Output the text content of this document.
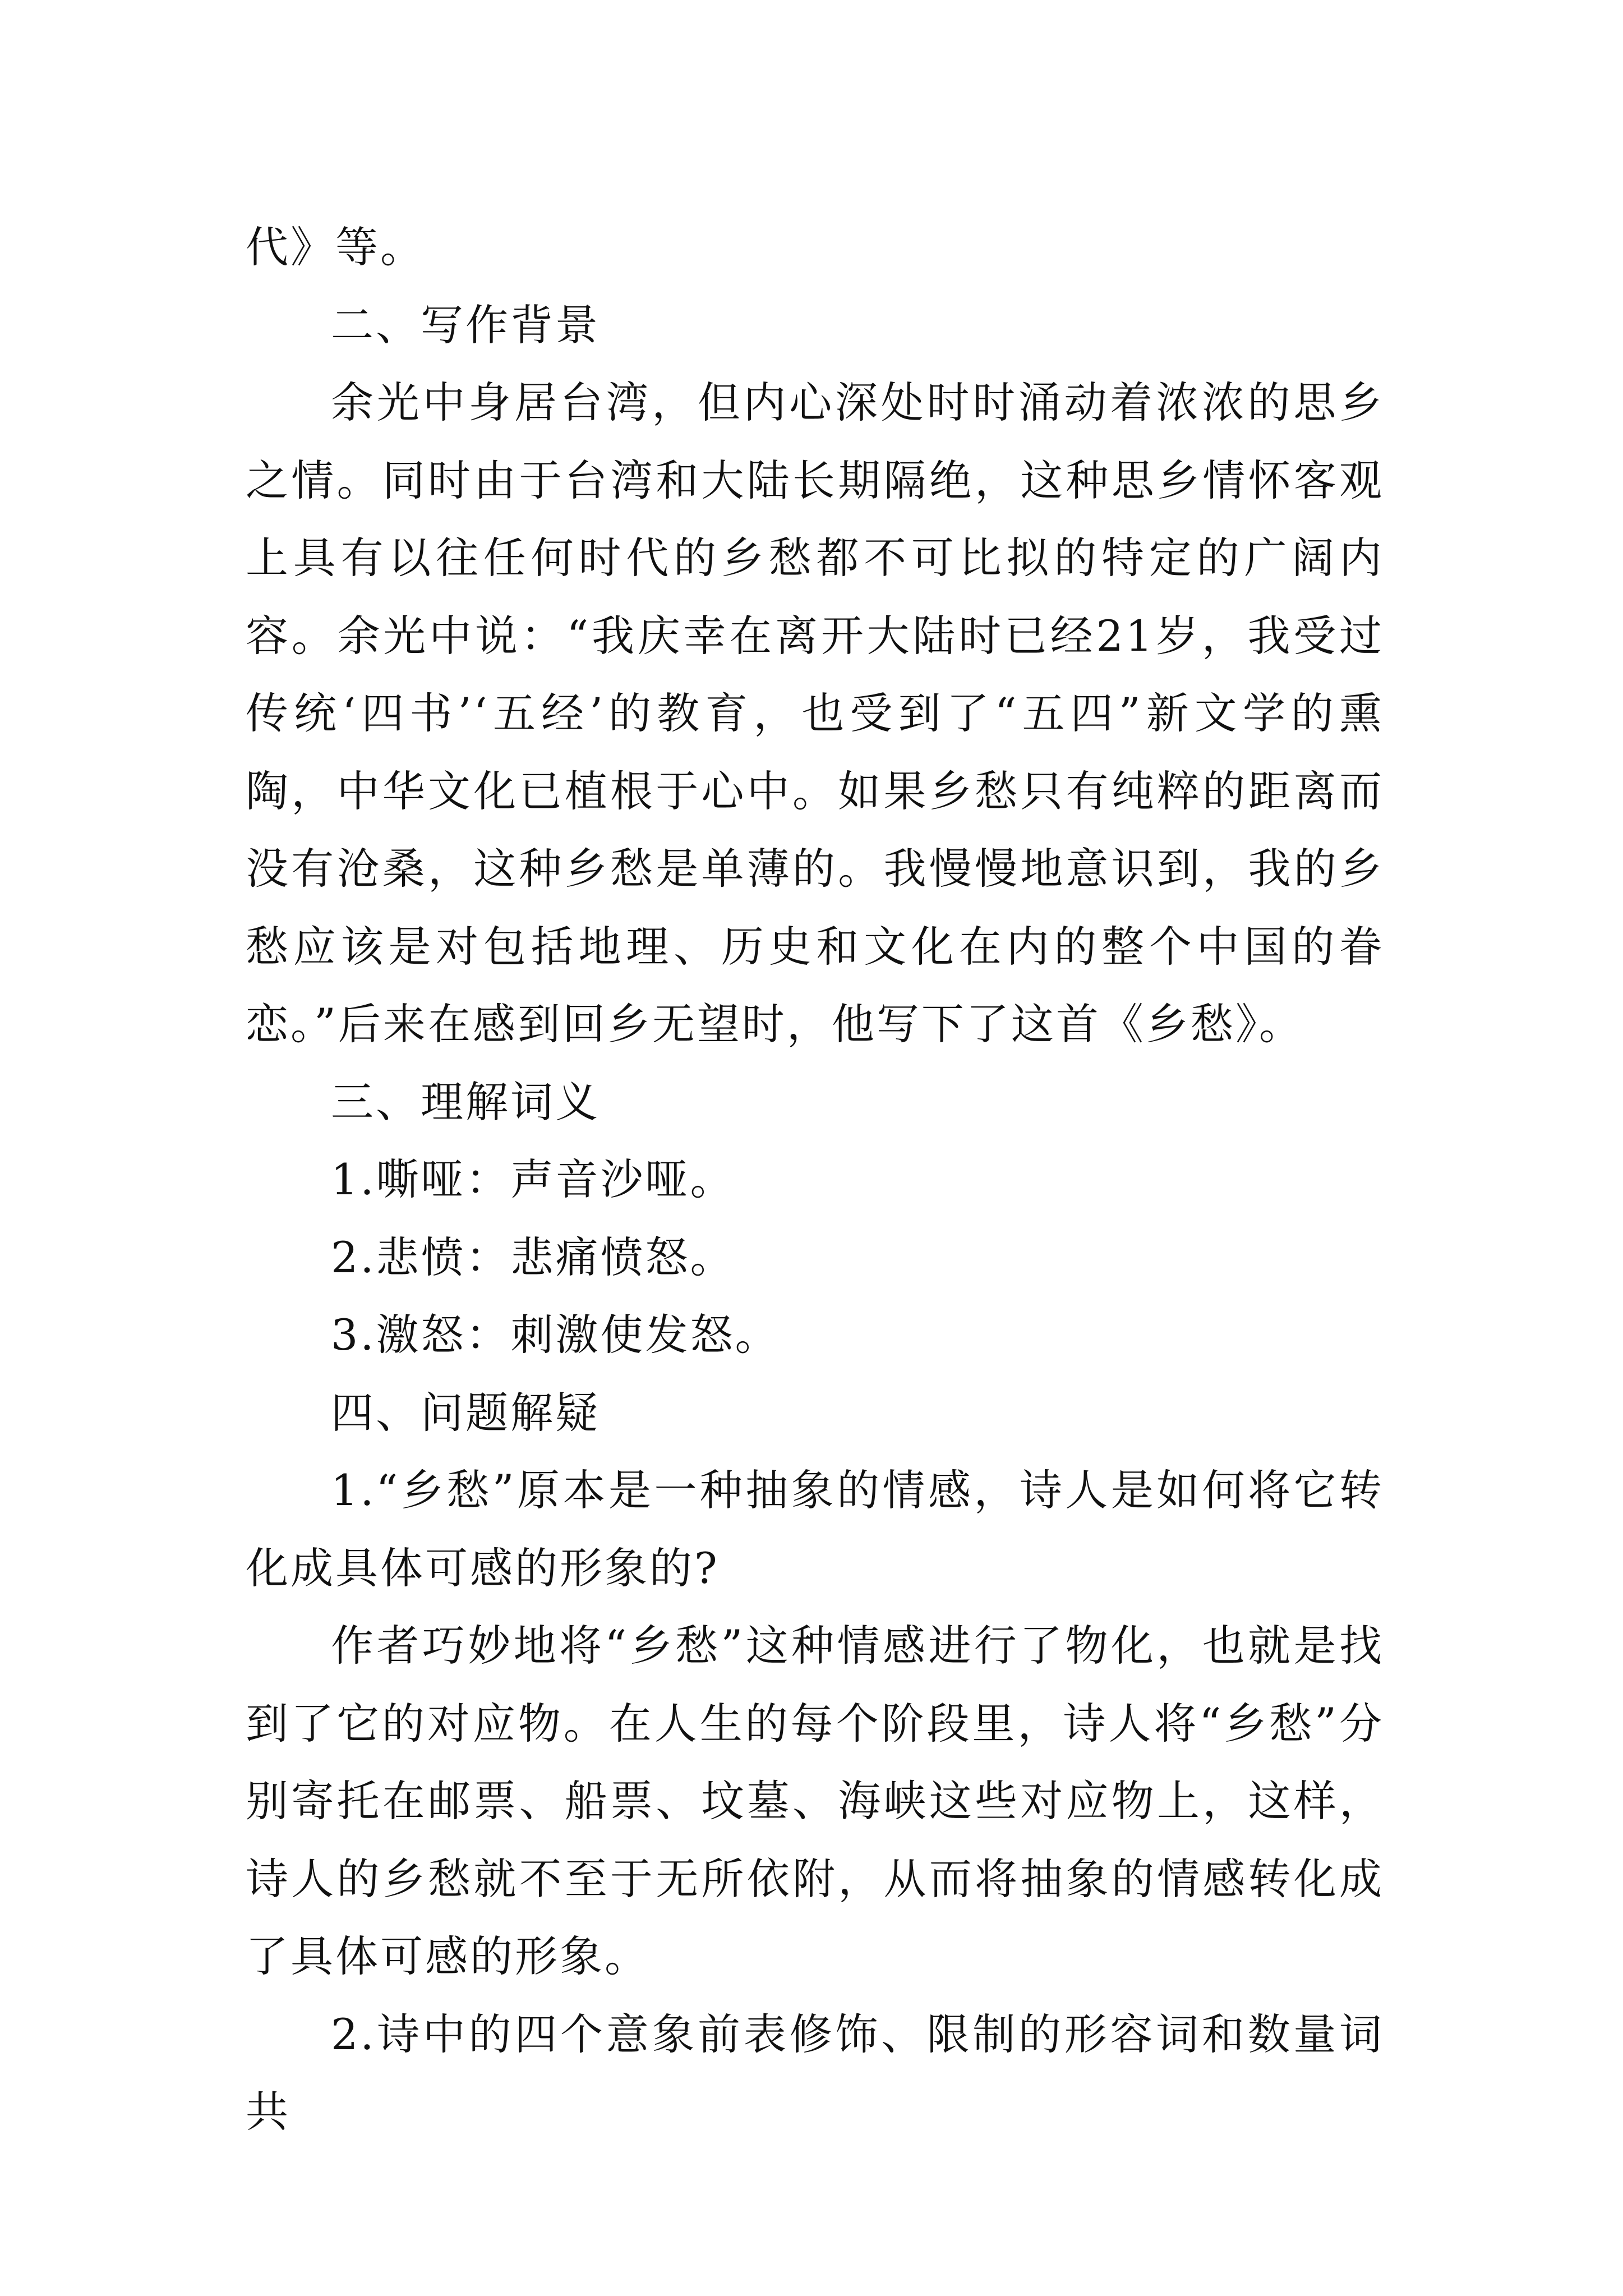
代》等。

二、写作背景

余光中身居台湾，但内心深处时时涌动着浓浓的思乡之情。同时由于台湾和大陆长期隔绝，这种思乡情怀客观上具有以往任何时代的乡愁都不可比拟的特定的广阔内容。余光中说：“我庆幸在离开大陆时已经21岁，我受过传统‘四书’‘五经’的教育，也受到了“五四”新文学的熏陶，中华文化已植根于心中。如果乡愁只有纯粹的距离而没有沧桑，这种乡愁是单薄的。我慢慢地意识到，我的乡愁应该是对包括地理、历史和文化在内的整个中国的眷恋。”后来在感到回乡无望时，他写下了这首《乡愁》。

三、理解词义

1.嘶哑：声音沙哑。

2.悲愤：悲痛愤怒。

3.激怒：刺激使发怒。

四、问题解疑

1.“乡愁”原本是一种抽象的情感，诗人是如何将它转化成具体可感的形象的?

作者巧妙地将“乡愁”这种情感进行了物化，也就是找到了它的对应物。在人生的每个阶段里，诗人将“乡愁”分别寄托在邮票、船票、坟墓、海峡这些对应物上，这样，诗人的乡愁就不至于无所依附，从而将抽象的情感转化成了具体可感的形象。

2.诗中的四个意象前表修饰、限制的形容词和数量词共
